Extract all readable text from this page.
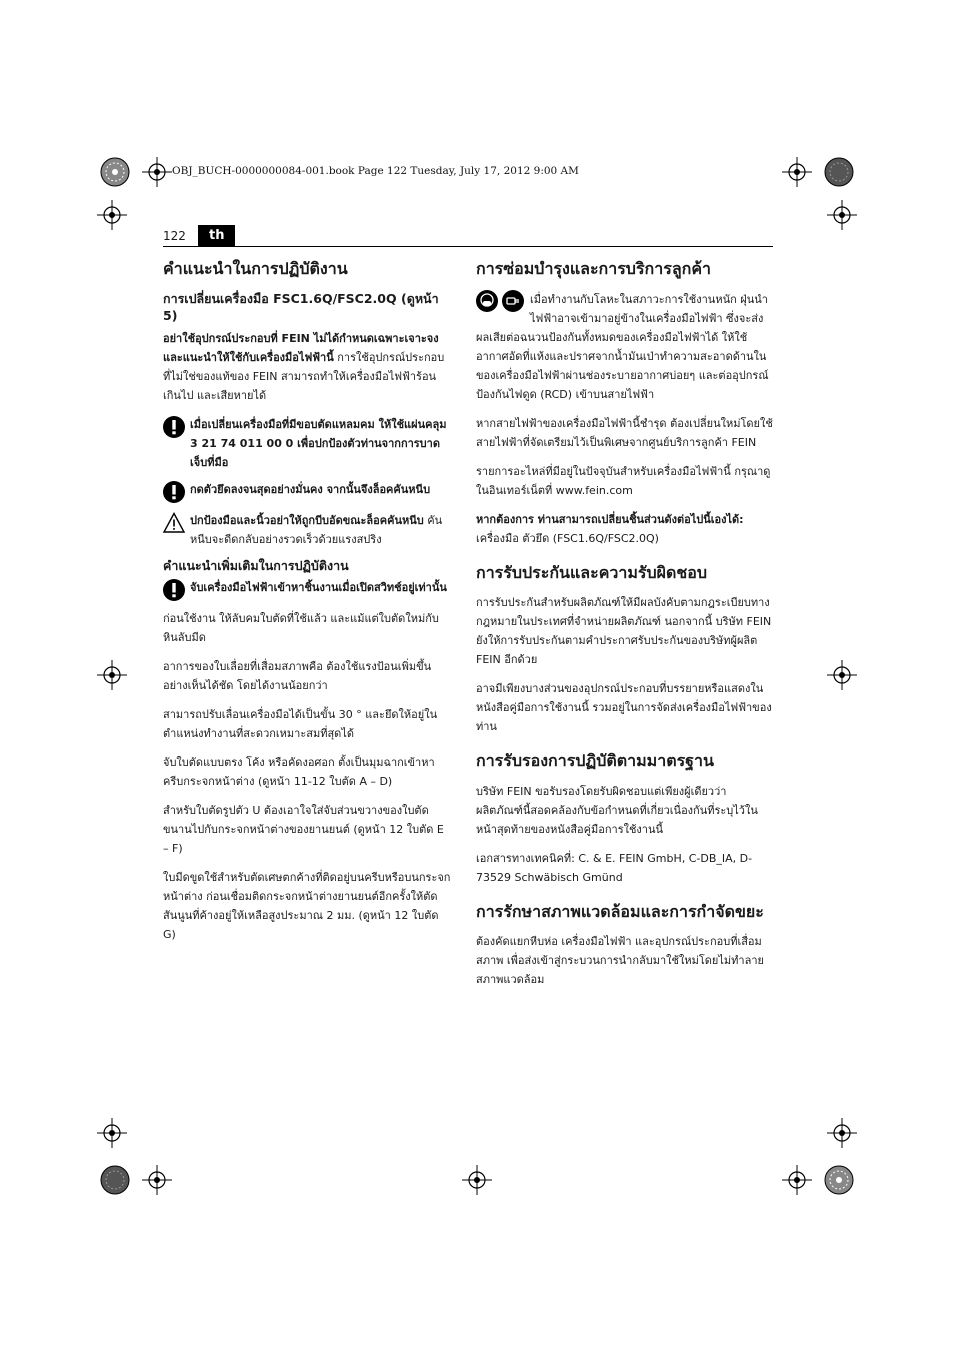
OBJ_BUCH-0000000084-001.book Page 122 Tuesday, July 17, 2012 9:00 AM
122	th
คำแนะนำในการปฏิบัติงาน
การเปลี่ยนเครื่องมือ FSC1.6Q/FSC2.0Q (ดูหน้า 5)

อย่าใช้อุปกรณ์ประกอบที่ FEIN ไม่ได้กำหนดเฉพาะเจาะจง และแนะนำให้ใช้กับเครื่องมือไฟฟ้านี้ การใช้อุปกรณ์ประกอบที่ไม่ใช่ของแท้ของ FEIN สามารถทำให้เครื่องมือไฟฟ้าร้อนเกินไป และเสียหายได้

เมื่อเปลี่ยนเครื่องมือที่มีขอบตัดแหลมคม ให้ใช้แผ่นคลุม 3 21 74 011 00 0 เพื่อปกป้องตัวท่านจากการบาดเจ็บที่มือ
กดตัวยึดลงจนสุดอย่างมั่นคง จากนั้นจึงล็อคคันหนีบ
ปกป้องมือและนิ้วอย่าให้ถูกบีบอัดขณะล็อคคันหนีบ คันหนีบจะดีดกลับอย่างรวดเร็วด้วยแรงสปริง
คำแนะนำเพิ่มเติมในการปฏิบัติงาน
จับเครื่องมือไฟฟ้าเข้าหาชิ้นงานเมื่อเปิดสวิทช์อยู่เท่านั้น

ก่อนใช้งาน ให้ลับคมใบตัดที่ใช้แล้ว และแม้แต่ใบตัดใหม่กับหินลับมีด

อาการของใบเลื่อยที่เสื่อมสภาพคือ ต้องใช้แรงป้อนเพิ่มขึ้นอย่างเห็นได้ชัด โดยได้งานน้อยกว่า

สามารถปรับเลื่อนเครื่องมือได้เป็นขั้น 30 ° และยึดให้อยู่ในตำแหน่งทำงานที่สะดวกเหมาะสมที่สุดได้

จับใบตัดแบบตรง โค้ง หรือคัดงอศอก ตั้งเป็นมุมฉากเข้าหาครีบกระจกหน้าต่าง (ดูหน้า 11-12 ใบตัด A – D)

สำหรับใบตัดรูปตัว U ต้องเอาใจใส่จับส่วนขวางของใบตัดขนานไปกับกระจกหน้าต่างของยานยนต์ (ดูหน้า 12 ใบตัด E – F)

ใบมีดขูดใช้สำหรับตัดเศษตกค้างที่ติดอยู่บนครีบหรือบนกระจกหน้าต่าง ก่อนเชื่อมติดกระจกหน้าต่างยานยนต์อีกครั้งให้ตัดสันนูนที่ค้างอยู่ให้เหลือสูงประมาณ 2 มม. (ดูหน้า 12 ใบตัด G)

การซ่อมบำรุงและการบริการลูกค้า

เมื่อทำงานกับโลหะในสภาวะการใช้งานหนัก ฝุ่นนำไฟฟ้าอาจเข้ามาอยู่ข้างในเครื่องมือไฟฟ้า ซึ่งจะส่งผลเสียต่อฉนวนป้องกันทั้งหมดของเครื่องมือไฟฟ้าได้ ให้ใช้อากาศอัดที่แห้งและปราศจากน้ำมันเป่าทำความสะอาดด้านในของเครื่องมือไฟฟ้าผ่านช่องระบายอากาศบ่อยๆ และต่ออุปกรณ์ป้องกันไฟดูด (RCD) เข้าบนสายไฟฟ้า

หากสายไฟฟ้าของเครื่องมือไฟฟ้านี้ชำรุด ต้องเปลี่ยนใหม่โดยใช้สายไฟฟ้าที่จัดเตรียมไว้เป็นพิเศษจากศูนย์บริการลูกค้า FEIN

รายการอะไหล่ที่มีอยู่ในปัจจุบันสำหรับเครื่องมือไฟฟ้านี้ กรุณาดูในอินเทอร์เน็ตที่ www.fein.com

หากต้องการ ท่านสามารถเปลี่ยนชิ้นส่วนดังต่อไปนี้เองได้:
เครื่องมือ ตัวยึด (FSC1.6Q/FSC2.0Q)

การรับประกันและความรับผิดชอบ

การรับประกันสำหรับผลิตภัณฑ์ให้มีผลบังคับตามกฎระเบียบทางกฎหมายในประเทศที่จำหน่ายผลิตภัณฑ์ นอกจากนี้ บริษัท FEIN ยังให้การรับประกันตามคำประกาศรับประกันของบริษัทผู้ผลิต FEIN อีกด้วย

อาจมีเพียงบางส่วนของอุปกรณ์ประกอบที่บรรยายหรือแสดงในหนังสือคู่มือการใช้งานนี้ รวมอยู่ในการจัดส่งเครื่องมือไฟฟ้าของท่าน

การรับรองการปฏิบัติตามมาตรฐาน

บริษัท FEIN ขอรับรองโดยรับผิดชอบแต่เพียงผู้เดียวว่า ผลิตภัณฑ์นี้สอดคล้องกับข้อกำหนดที่เกี่ยวเนื่องกันที่ระบุไว้ในหน้าสุดท้ายของหนังสือคู่มือการใช้งานนี้

เอกสารทางเทคนิคที่: C. & E. FEIN GmbH, C-DB_IA, D-73529 Schwäbisch Gmünd

การรักษาสภาพแวดล้อมและการกำจัดขยะ

ต้องคัดแยกหีบห่อ เครื่องมือไฟฟ้า และอุปกรณ์ประกอบที่เสื่อมสภาพ เพื่อส่งเข้าสู่กระบวนการนำกลับมาใช้ใหม่โดยไม่ทำลายสภาพแวดล้อม
